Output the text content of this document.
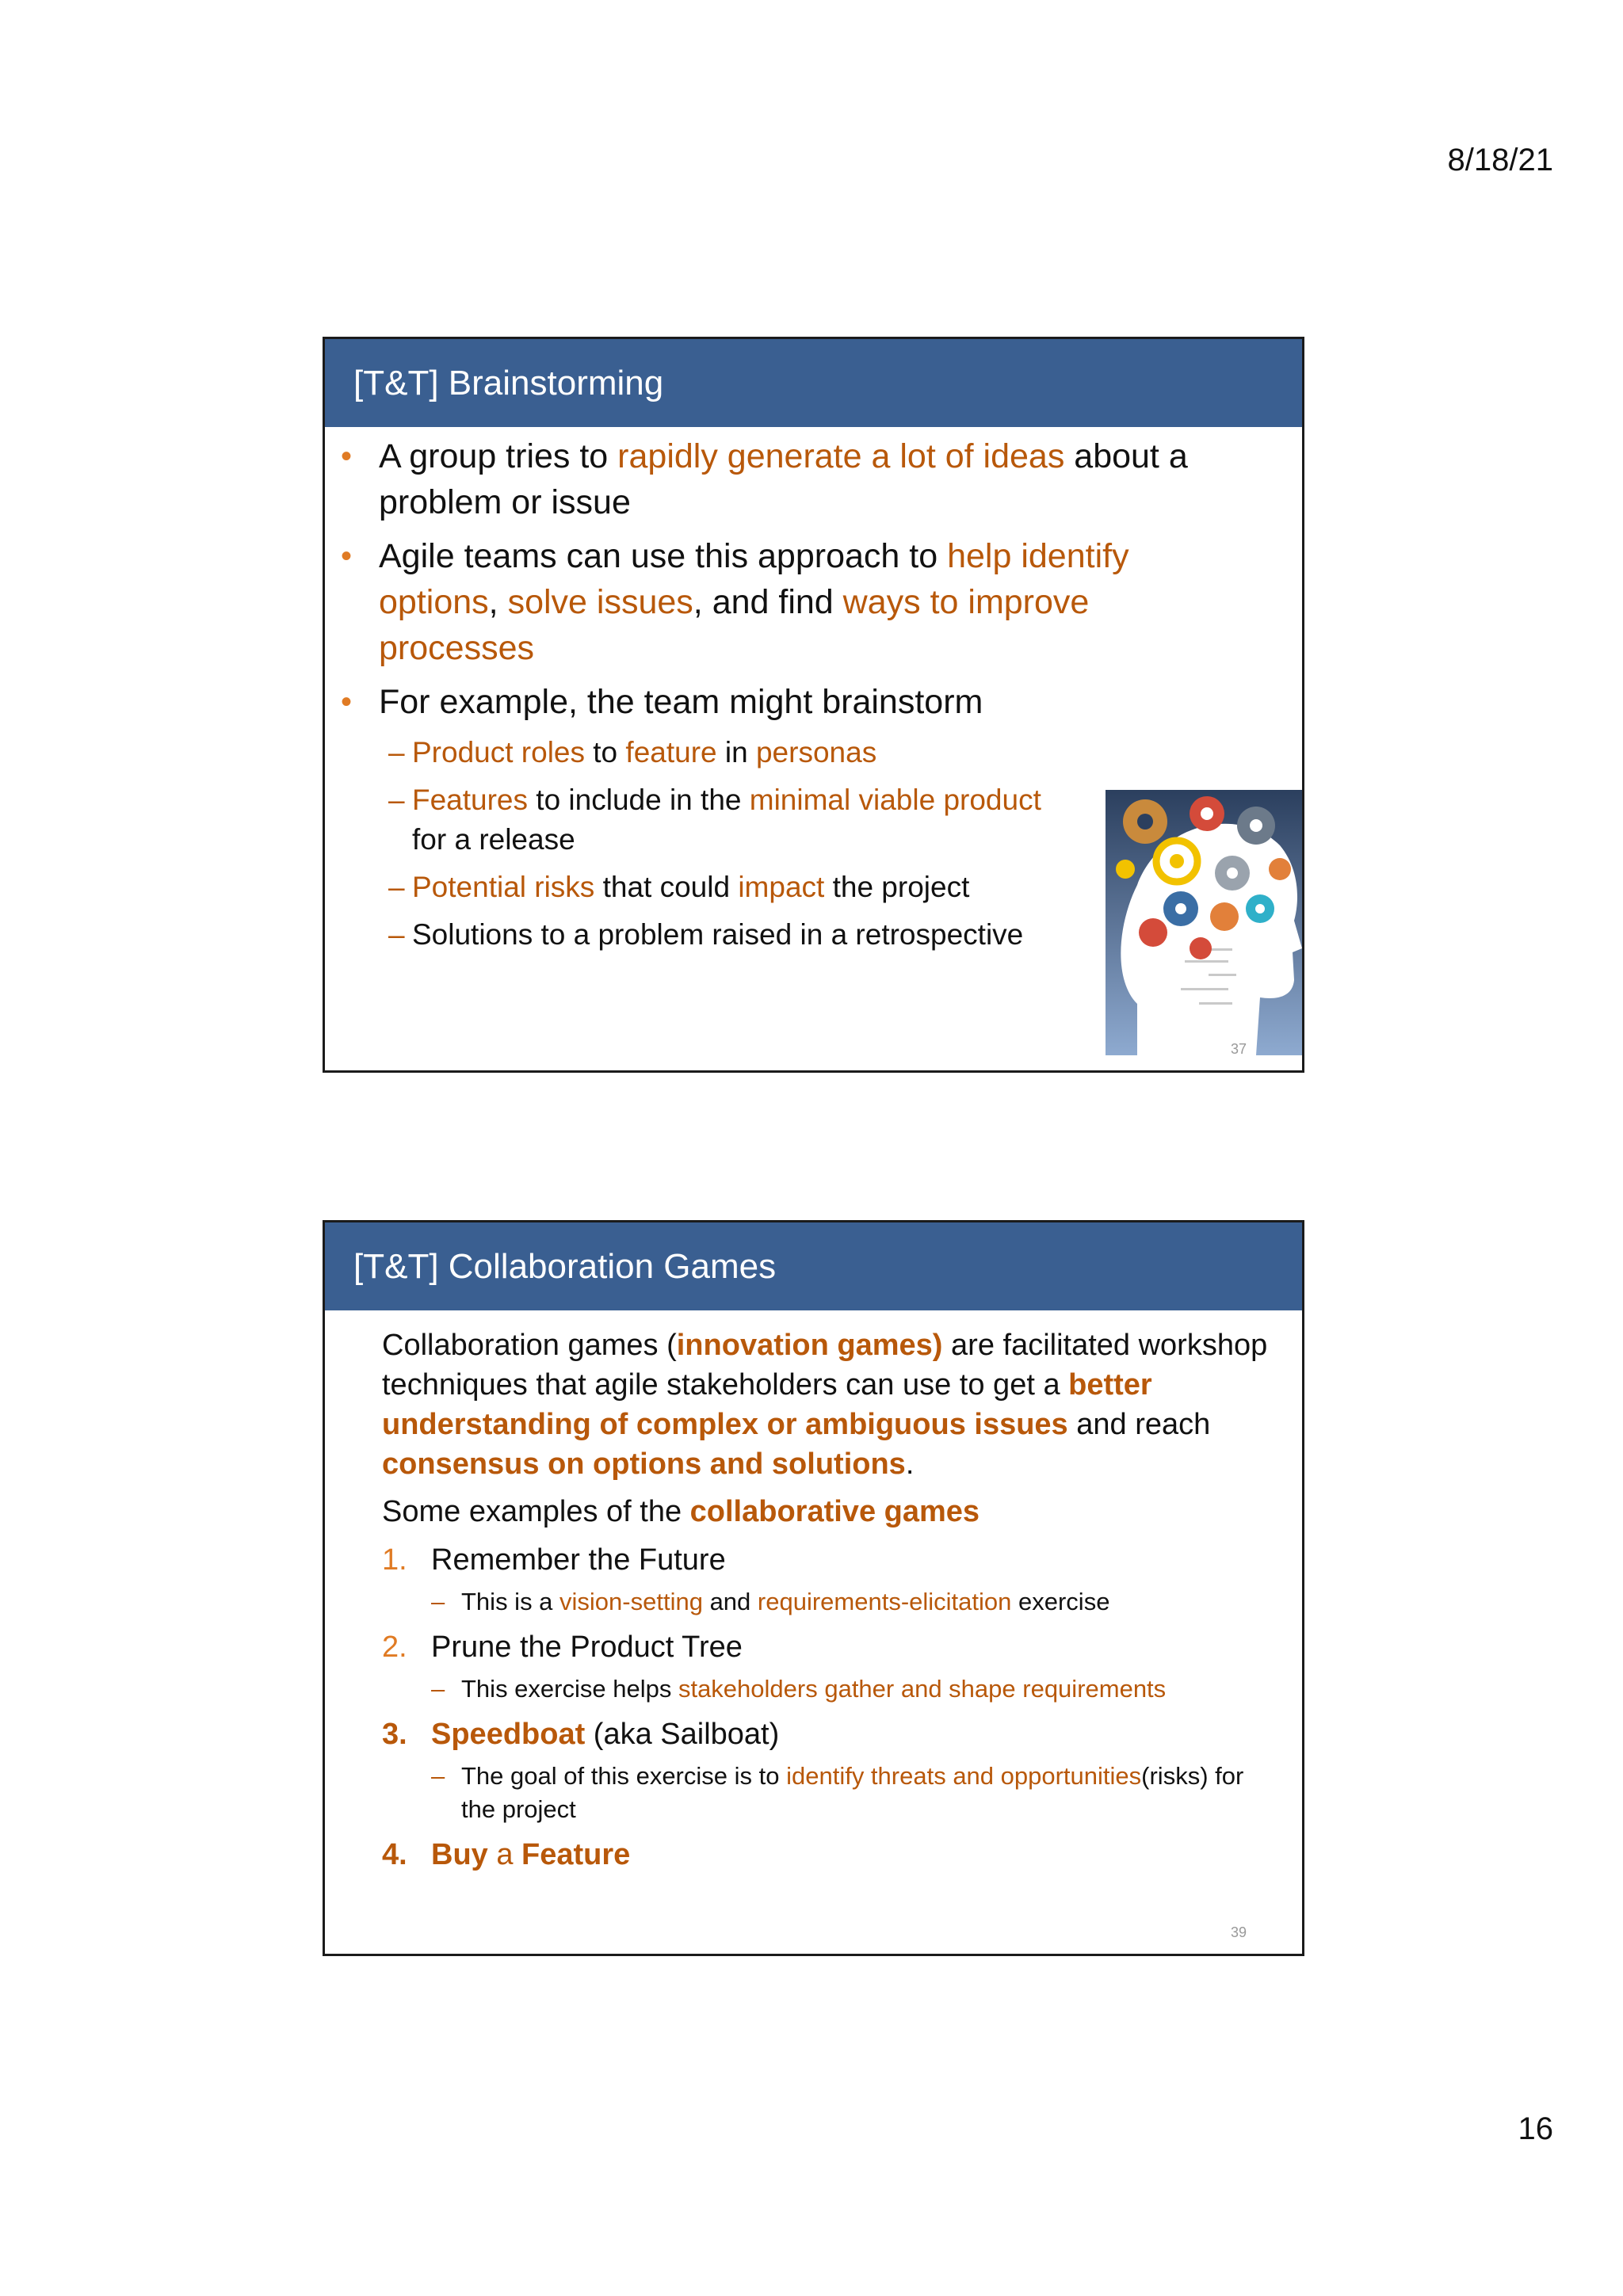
8/18/21
[T&T] Brainstorming
• A group tries to rapidly generate a lot of ideas about a problem or issue
• Agile teams can use this approach to help identify options, solve issues, and find ways to improve processes
• For example, the team might brainstorm
– Product roles to feature in personas
– Features to include in the minimal viable product for a release
– Potential risks that could impact the project
– Solutions to a problem raised in a retrospective
37
[T&T] Collaboration Games

Collaboration games (innovation games) are facilitated workshop techniques that agile stakeholders can use to get a better understanding of complex or ambiguous issues and reach consensus on options and solutions.

Some examples of the collaborative games

1. Remember the Future
– This is a vision-setting and requirements-elicitation exercise
2. Prune the Product Tree
– This exercise helps stakeholders gather and shape requirements
3. Speedboat (aka Sailboat)
– The goal of this exercise is to identify threats and opportunities(risks) for the project
4. Buy a Feature
39
16
